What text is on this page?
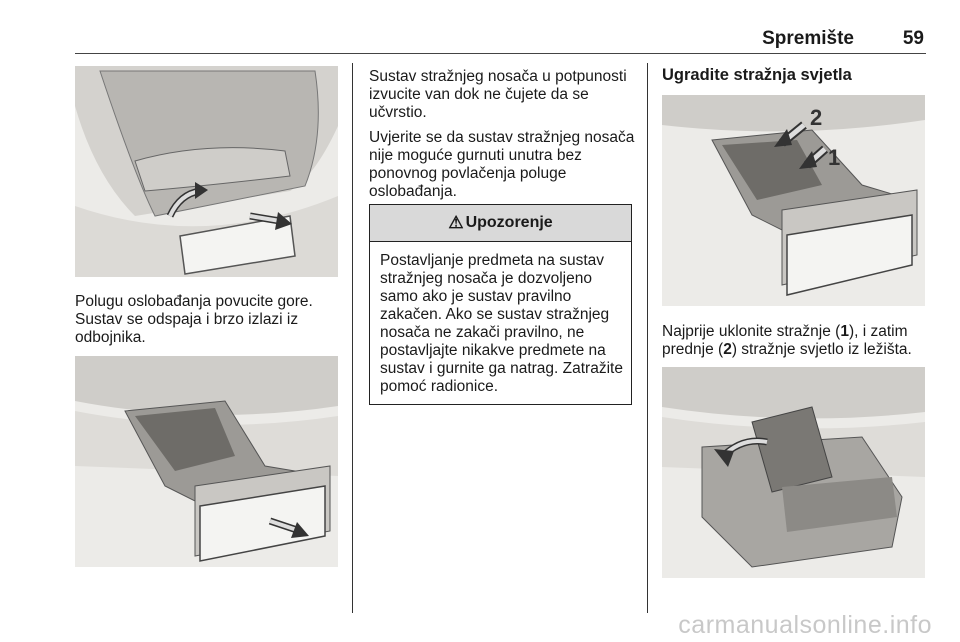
Spremište	59
Polugu oslobađanja povucite gore. Sustav se odspaja i brzo izlazi iz odbojnika.

Sustav stražnjeg nosača u potpunosti izvucite van dok ne čujete da se učvrstio.

Uvjerite se da sustav stražnjeg nosača nije moguće gurnuti unutra bez ponovnog povlačenja poluge oslobađanja.

⚠ Upozorenje
Postavljanje predmeta na sustav stražnjeg nosača je dozvoljeno samo ako je sustav pravilno zakačen. Ako se sustav stražnjeg nosača ne zakači pravilno, ne postavljajte nikakve predmete na sustav i gurnite ga natrag. Zatražite pomoć radionice.
Ugradite stražnja svjetla
2
1
Najprije uklonite stražnje (1), i zatim prednje (2) stražnje svjetlo iz ležišta.
carmanualsonline.info
